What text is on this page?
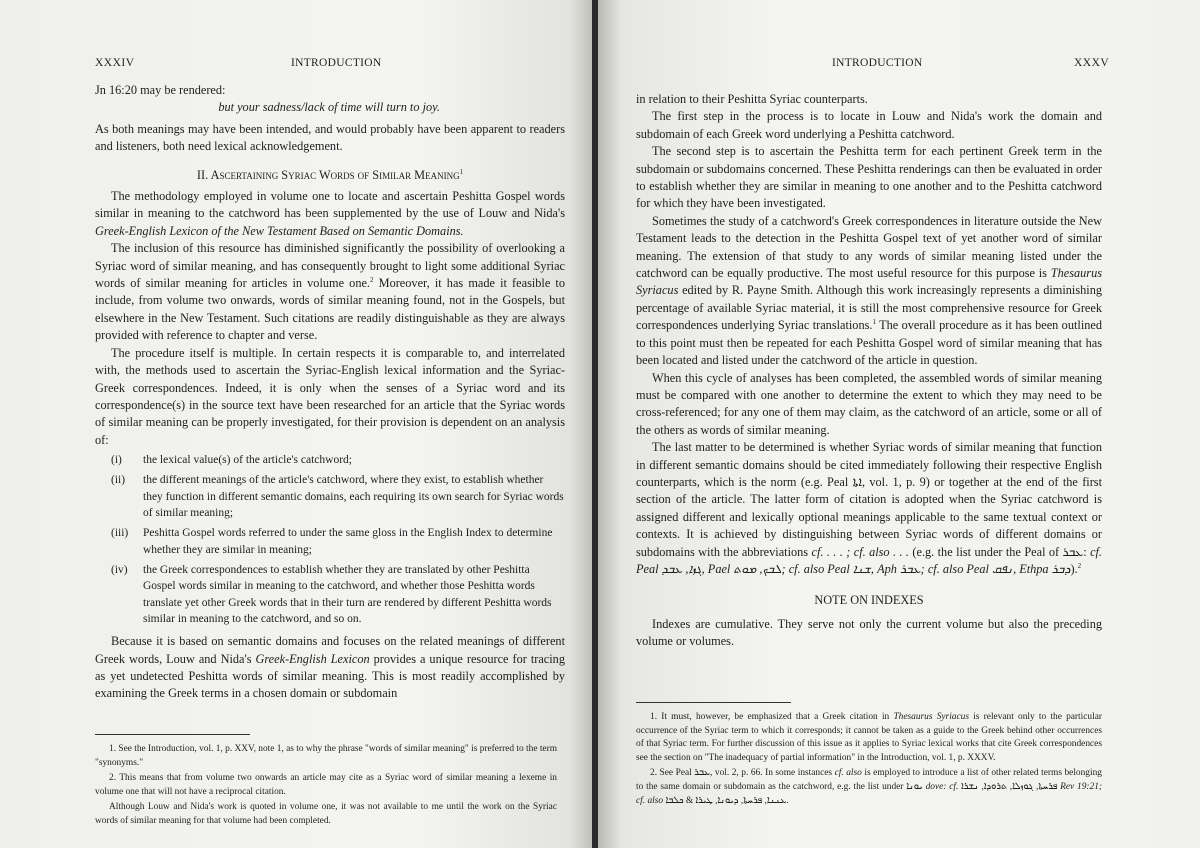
XXXIV	INTRODUCTION

Jn 16:20 may be rendered:

but your sadness/lack of time will turn to joy.

As both meanings may have been intended, and would probably have been apparent to readers and listeners, both need lexical acknowledgement.

II. Ascertaining Syriac Words of Similar Meaning$^1$

The methodology employed in volume one to locate and ascertain Peshitta Gospel words similar in meaning to the catchword has been supplemented by the use of Louw and Nida's Greek-English Lexicon of the New Testament Based on Semantic Domains.

The inclusion of this resource has diminished significantly the possibility of overlooking a Syriac word of similar meaning, and has consequently brought to light some additional Syriac words of similar meaning for articles in volume one.$^2$ Moreover, it has made it feasible to include, from volume two onwards, words of similar meaning found, not in the Gospels, but elsewhere in the New Testament. Such citations are readily distinguishable as they are always provided with reference to chapter and verse.

The procedure itself is multiple. In certain respects it is comparable to, and interrelated with, the methods used to ascertain the Syriac-English lexical information and the Syriac-Greek correspondences. Indeed, it is only when the senses of a Syriac word and its correspondence(s) in the source text have been researched for an article that the Syriac words of similar meaning can be properly investigated, for their provision is dependent on an analysis of:

(i)	the lexical value(s) of the article's catchword;
(ii)	the different meanings of the article's catchword, where they exist, to establish whether they function in different semantic domains, each requiring its own search for Syriac words of similar meaning;
(iii)	Peshitta Gospel words referred to under the same gloss in the English Index to determine whether they are similar in meaning;
(iv)	the Greek correspondences to establish whether they are translated by other Peshitta Gospel words similar in meaning to the catchword, and whether those Peshitta words translate yet other Greek words that in their turn are rendered by different Peshitta words similar in meaning to the catchword, and so on.

Because it is based on semantic domains and focuses on the related meanings of different Greek words, Louw and Nida's Greek-English Lexicon provides a unique resource for tracing as yet undetected Peshitta words of similar meaning. This is most readily accomplished by examining the Greek terms in a chosen domain or subdomain

1. See the Introduction, vol. 1, p. XXV, note 1, as to why the phrase "words of similar meaning" is preferred to the term "synonyms."

2. This means that from volume two onwards an article may cite as a Syriac word of similar meaning a lexeme in volume one that will not have a reciprocal citation.

Although Louw and Nida's work is quoted in volume one, it was not available to me until the work on the Syriac words of similar meaning for that volume had been completed.

INTRODUCTION	XXXV

in relation to their Peshitta Syriac counterparts.

The first step in the process is to locate in Louw and Nida's work the domain and subdomain of each Greek word underlying a Peshitta catchword.

The second step is to ascertain the Peshitta term for each pertinent Greek term in the subdomain or subdomains concerned. These Peshitta renderings can then be evaluated in order to establish whether they are similar in meaning to one another and to the Peshitta catchword for which they have been investigated.

Sometimes the study of a catchword's Greek correspondences in literature outside the New Testament leads to the detection in the Peshitta Gospel text of yet another word of similar meaning. The extension of that study to any words of similar meaning listed under the catchword can be equally productive. The most useful resource for this purpose is Thesaurus Syriacus edited by R. Payne Smith. Although this work increasingly represents a diminishing percentage of available Syriac material, it is still the most comprehensive resource for Greek correspondences underlying Syriac translations.$^1$ The overall procedure as it has been outlined to this point must then be repeated for each Peshitta Gospel word of similar meaning that has been located and listed under the catchword of the article in question.

When this cycle of analyses has been completed, the assembled words of similar meaning must be compared with one another to determine the extent to which they may need to be cross-referenced; for any one of them may claim, as the catchword of an article, some or all of the others as words of similar meaning.

The last matter to be determined is whether Syriac words of similar meaning that function in different semantic domains should be cited immediately following their respective English counterparts, which is the norm (e.g. Peal ܐܬܐ, vol. 1, p. 9) or together at the end of the first section of the article. The latter form of citation is adopted when the Syriac catchword is assigned different and lexically optional meanings applicable to the same textual context or contexts. It is achieved by distinguishing between Syriac words of different domains or subdomains with the abbreviations cf. . . . ; cf. also . . . (e.g. the list under the Peal of ܥܒܪ: cf. Peal ܓܙܐ, ܥܒܕ, Pael ܠܒܟ, ܡܘܬ; cf. also Peal ܫܢܐ, Aph ܥܒܪ; cf. also Peal ܢܦܩ, Ethpa ܕܒܪ).$^2$

NOTE ON INDEXES

Indexes are cumulative. They serve not only the current volume but also the preceding volume or volumes.

1. It must, however, be emphasized that a Greek citation in Thesaurus Syriacus is relevant only to the particular occurrence of the Syriac term to which it corresponds; it cannot be taken as a guide to the Greek behind other occurrences of that Syriac term. For further discussion of this issue as it applies to Syriac lexical works that cite Greek correspondences see the section on "The inadequacy of partial information" in the Introduction, vol. 1, p. XXXV.

2. See Peal ܥܒܪ, vol. 2, p. 66. In some instances cf. also is employed to introduce a list of other related terms belonging to the same domain or subdomain as the catchword, e.g. the list under ܝܘܢܐ dove: cf. ܦܪܚܬܐ, ܓܘܙܠܐ, ܬܪܘܕܐ, ܢܫܪܐ Rev 19:21; cf. also ܥܢܢܐ, ܦܪܚܬܐ, ܕܝܘܢܐ, ܛܝܪܐ & ܟܠܒܐ.
